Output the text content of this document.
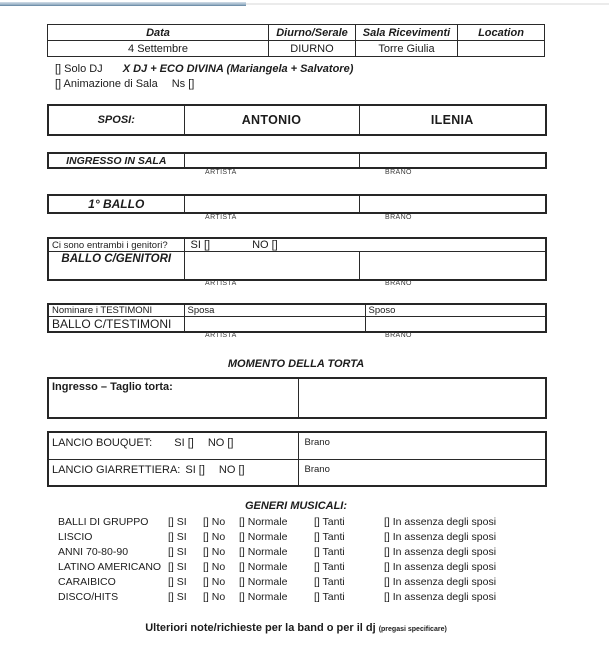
Data	Diurno/Serale	Sala Ricevimenti	Location
4 Settembre	DIURNO	Torre Giulia	
[] Solo DJ X DJ + ECO DIVINA (Mariangela + Salvatore)
[] Animazione di Sala Ns []
SPOSI:	ANTONIO	ILENIA
INGRESSO IN SALA		
ARTISTA	BRANO
1° BALLO		
ARTISTA	BRANO
Ci sono entrambi i genitori?	SI [] NO []	
BALLO C/GENITORI		
ARTISTA	BRANO
Nominare i TESTIMONI	Sposa	Sposo
BALLO C/TESTIMONI		
ARTISTA	BRANO
MOMENTO DELLA TORTA
Ingresso – Taglio torta:	
LANCIO BOUQUET: SI [] NO []	Brano
LANCIO GIARRETTIERA: SI [] NO []	Brano
GENERI MUSICALI:
BALLI DI GRUPPO [] SI [] No [] Normale	[] Tanti	[] In assenza degli sposi
LISCIO	[] SI [] No [] Normale	[] Tanti	[] In assenza degli sposi
ANNI 70-80-90	[] SI [] No [] Normale	[] Tanti	[] In assenza degli sposi
LATINO AMERICANO [] SI [] No [] Normale	[] Tanti	[] In assenza degli sposi
CARAIBICO	[] SI [] No [] Normale	[] Tanti	[] In assenza degli sposi
DISCO/HITS	[] SI [] No [] Normale	[] Tanti	[] In assenza degli sposi
Ulteriori note/richieste per la band o per il dj (pregasi specificare)
